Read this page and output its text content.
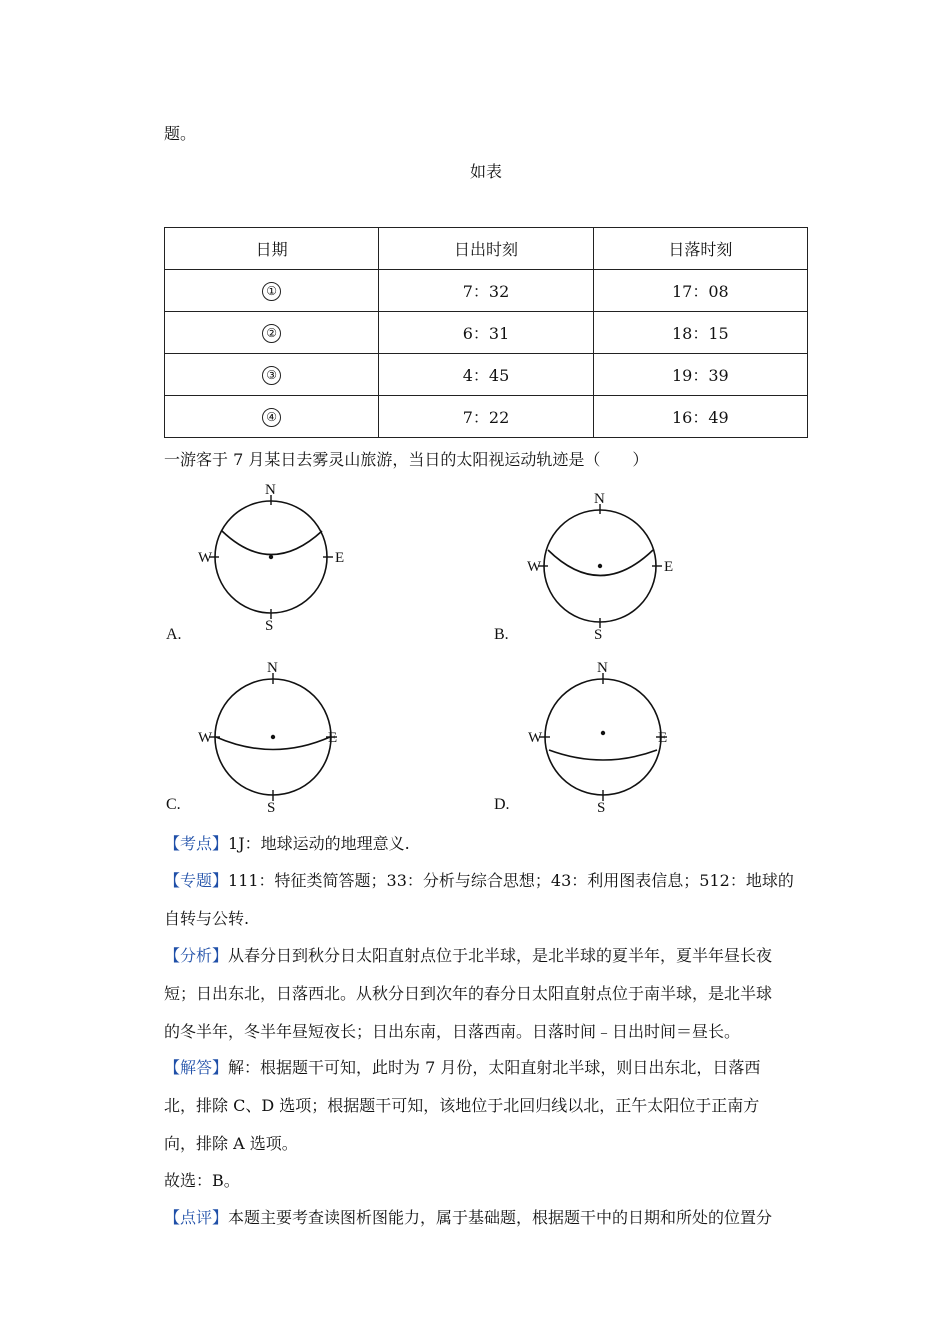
题。
如表
日期	日出时刻	日落时刻
①	7：32	17：08
②	6：31	18：15
③	4：45	19：39
④	7：22	16：49
一游客于 7 月某日去雾灵山旅游，当日的太阳视运动轨迹是（　　）
N
S
W	E
A.
N
S
W	E
B.
N
S
W	E
C.
N
S
W	E
D.
【考点】1J：地球运动的地理意义.
【专题】111：特征类简答题；33：分析与综合思想；43：利用图表信息；512：地球的
自转与公转.
【分析】从春分日到秋分日太阳直射点位于北半球，是北半球的夏半年，夏半年昼长夜
短；日出东北，日落西北。从秋分日到次年的春分日太阳直射点位于南半球，是北半球
的冬半年，冬半年昼短夜长；日出东南，日落西南。日落时间﹣日出时间＝昼长。
【解答】解：根据题干可知，此时为 7 月份，太阳直射北半球，则日出东北，日落西
北，排除 C、D 选项；根据题干可知，该地位于北回归线以北，正午太阳位于正南方
向，排除 A 选项。
故选：B。
【点评】本题主要考查读图析图能力，属于基础题，根据题干中的日期和所处的位置分
